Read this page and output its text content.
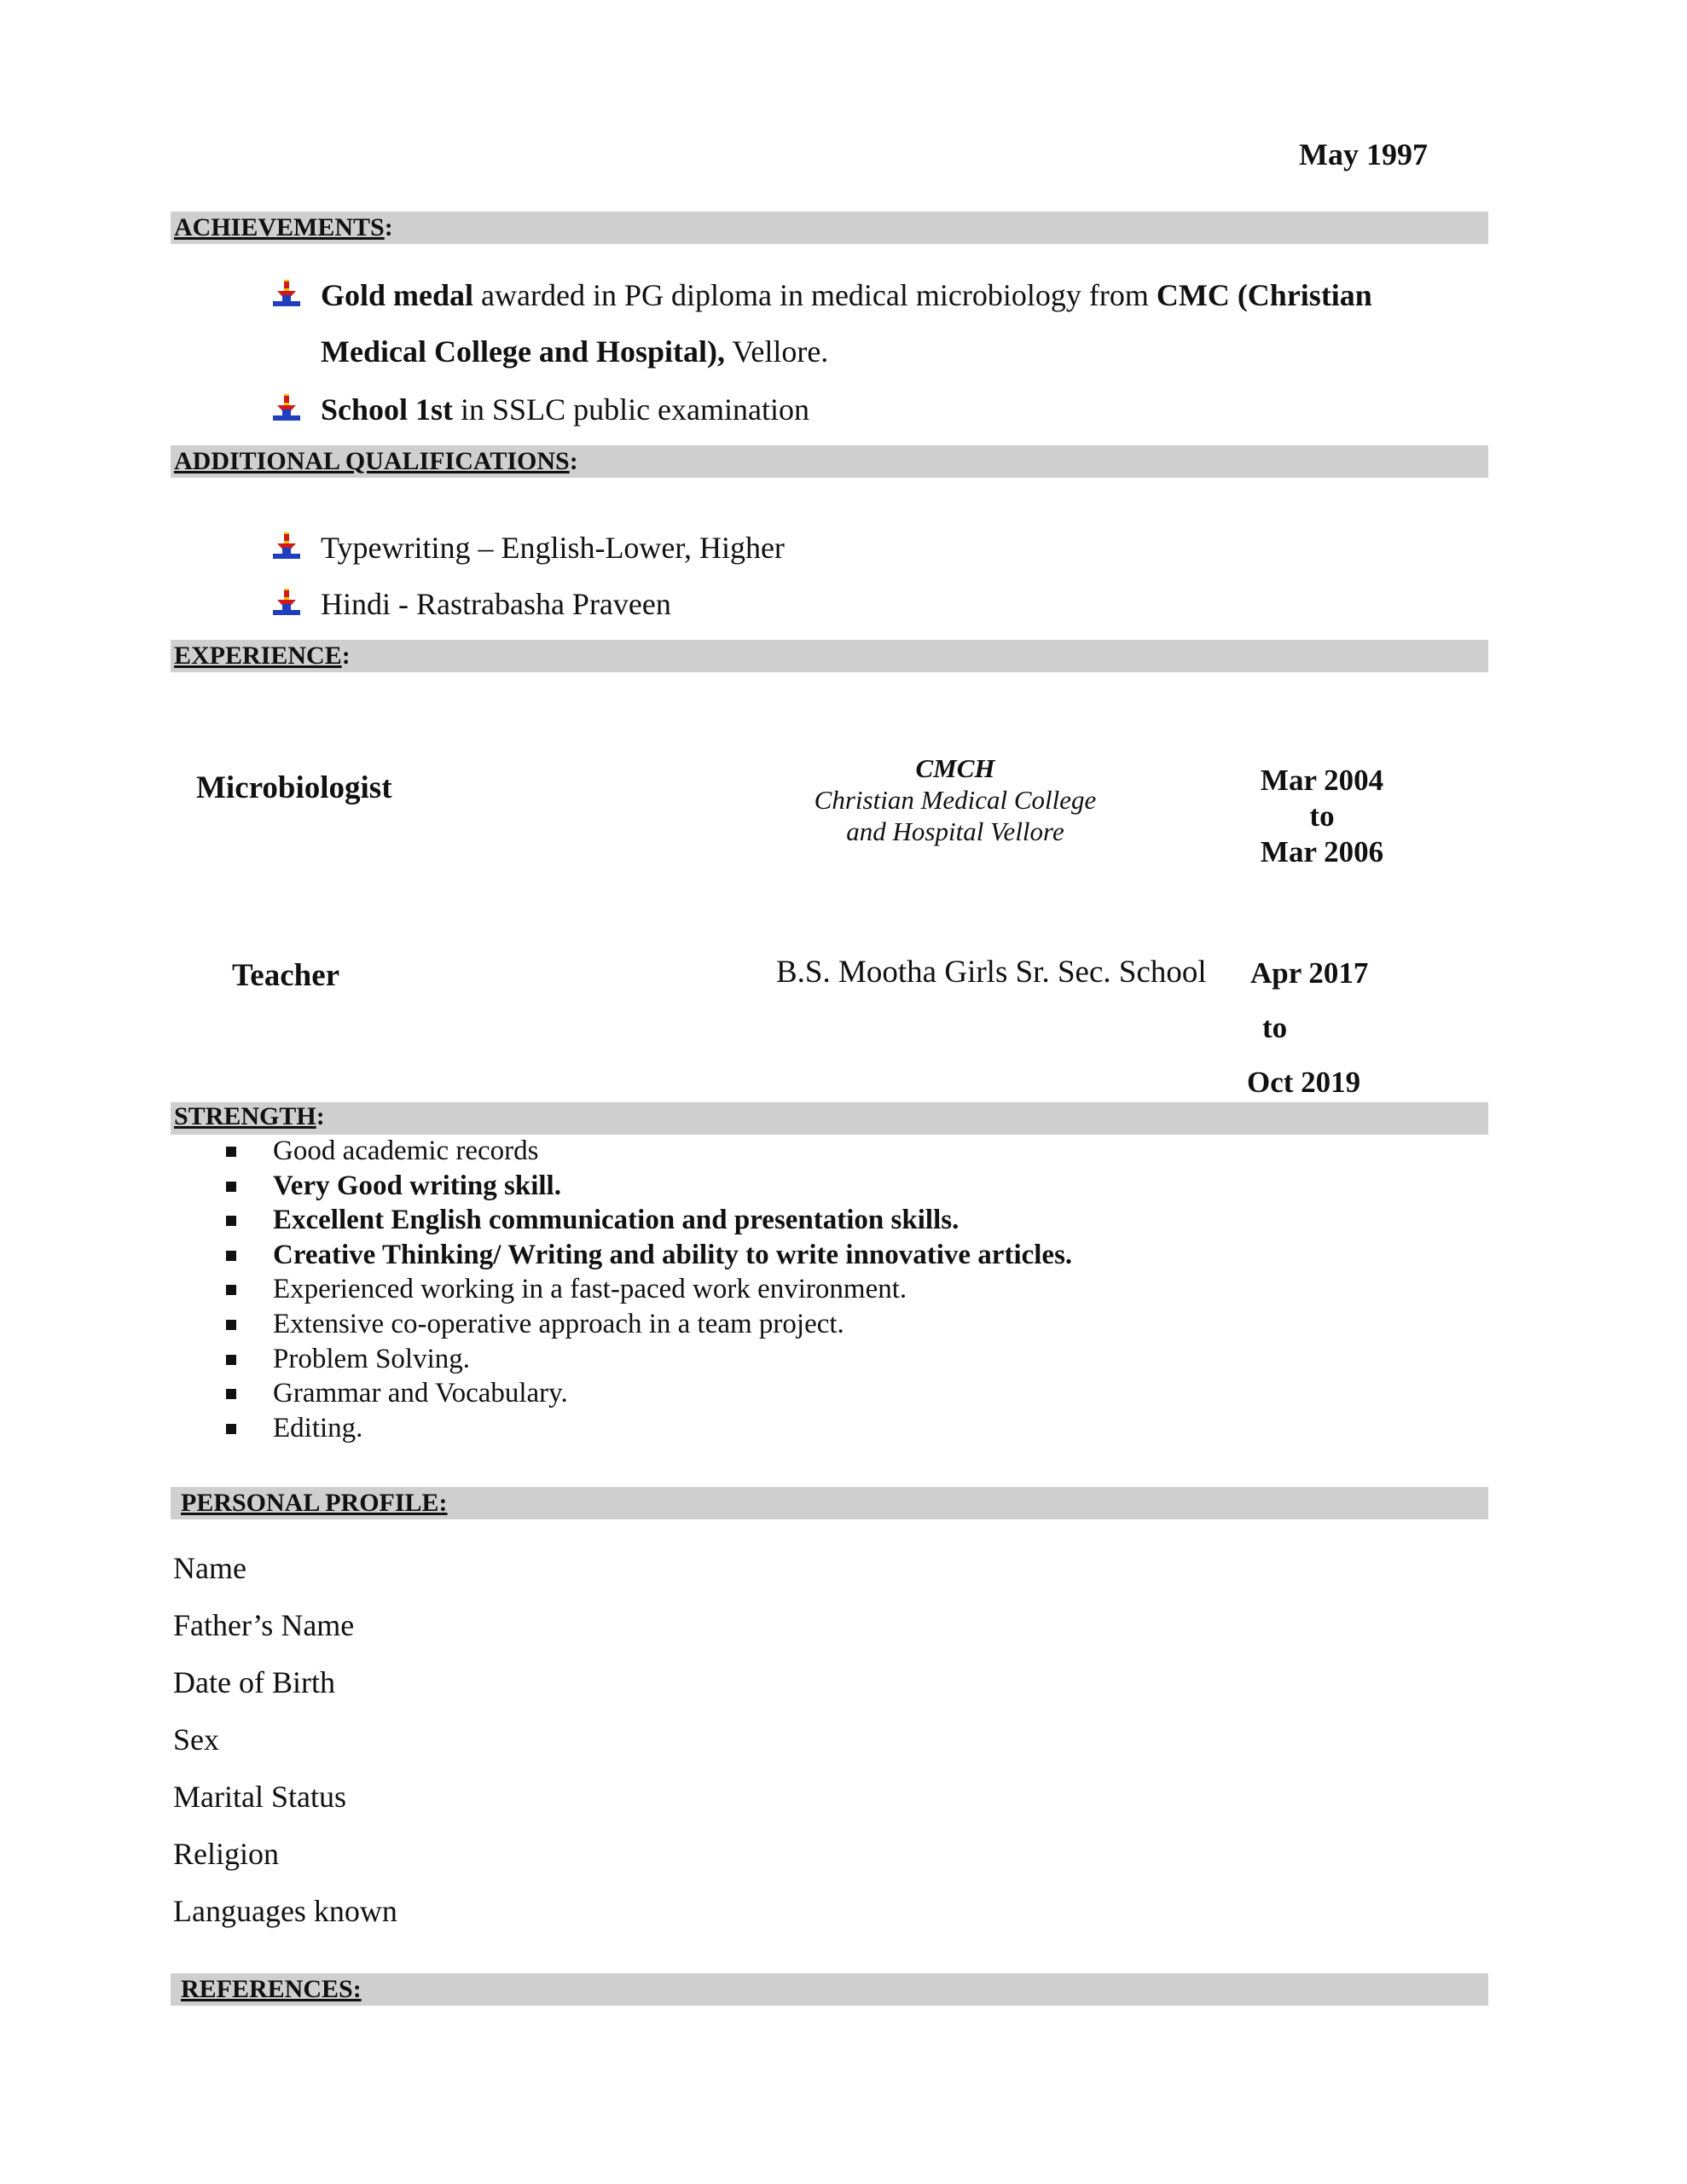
May 1997
ACHIEVEMENTS:
Gold medal awarded in PG diploma in medical microbiology from CMC (Christian
Medical College and Hospital), Vellore.
School 1st in SSLC public examination
ADDITIONAL QUALIFICATIONS:
Typewriting – English-Lower, Higher
Hindi - Rastrabasha Praveen
EXPERIENCE:
Microbiologist
CMCH
Christian Medical College
and Hospital Vellore
Mar 2004
to
Mar 2006
Teacher	B.S. Mootha Girls Sr. Sec. School Apr 2017
to
Oct 2019
STRENGTH:
Good academic records
Very Good writing skill.
Excellent English communication and presentation skills.
Creative Thinking/ Writing and ability to write innovative articles.
Experienced working in a fast-paced work environment.
Extensive co-operative approach in a team project.
Problem Solving.
Grammar and Vocabulary.
Editing.
PERSONAL PROFILE:
Name
Father’s Name
Date of Birth
Sex
Marital Status
Religion
Languages known
REFERENCES:
